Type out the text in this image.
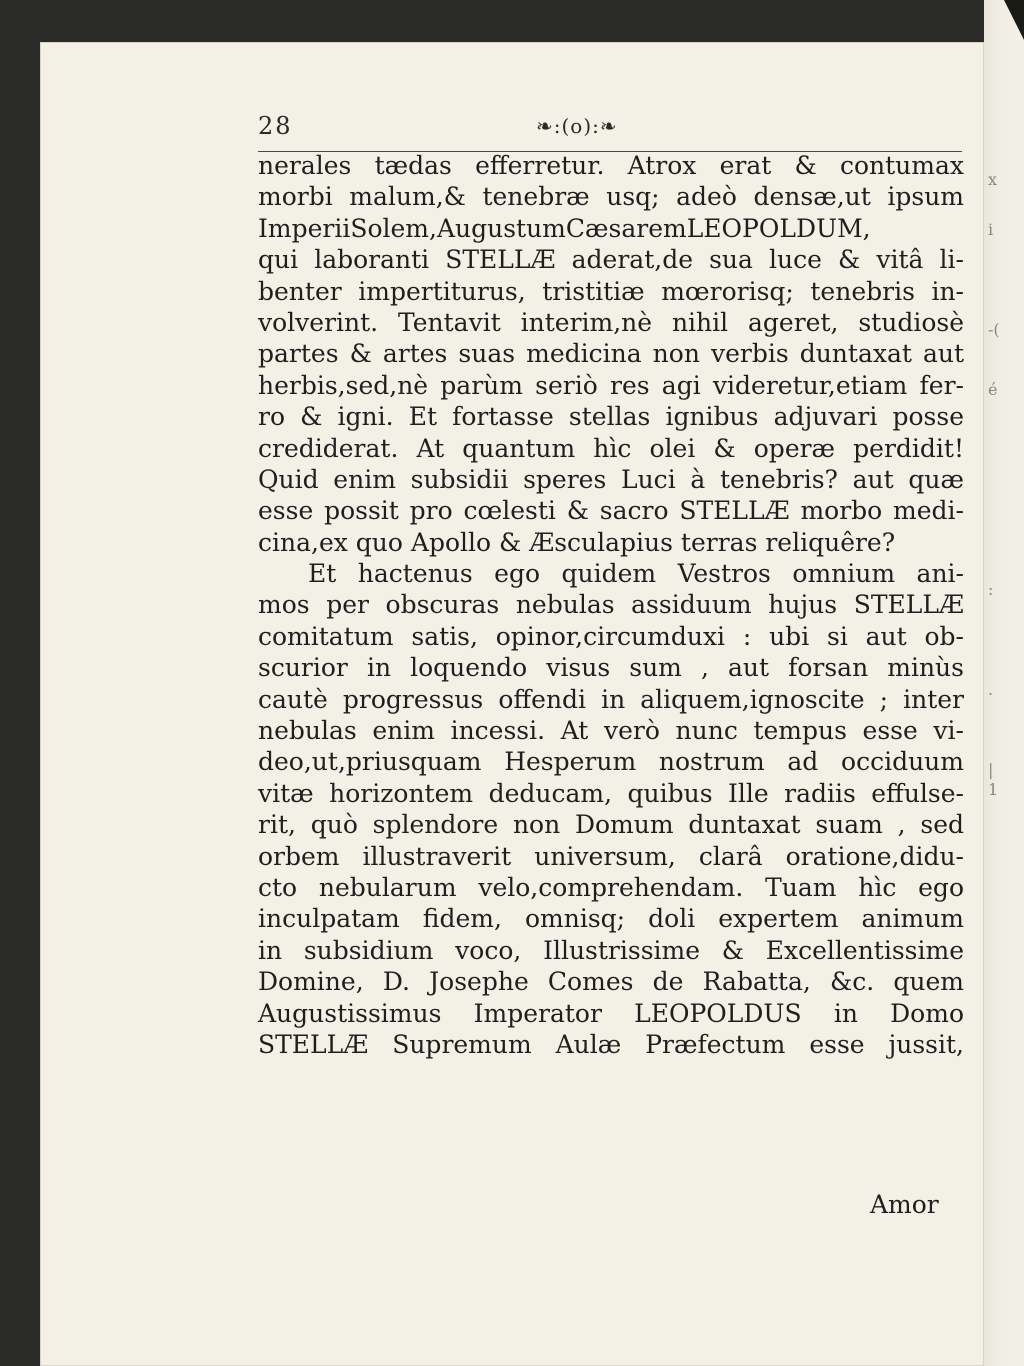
28	❧:(o):❧
nerales tædas efferretur. Atrox erat & contumax
morbi malum,& tenebræ usq; adeò densæ,ut ipsum
ImperiiSolem,AugustumCæsaremLEOPOLDUM,
qui laboranti STELLÆ aderat,de sua luce & vitâ li-
benter impertiturus, tristitiæ mœrorisq; tenebris in-
volverint. Tentavit interim,nè nihil ageret, studiosè
partes & artes suas medicina non verbis duntaxat aut
herbis,sed,nè parùm seriò res agi videretur,etiam fer-
ro & igni. Et fortasse stellas ignibus adjuvari posse
crediderat. At quantum hìc olei & operæ perdidit!
Quid enim subsidii speres Luci à tenebris? aut quæ
esse possit pro cœlesti & sacro STELLÆ morbo medi-
cina,ex quo Apollo & Æsculapius terras reliquêre?
Et hactenus ego quidem Vestros omnium ani-
mos per obscuras nebulas assiduum hujus STELLÆ
comitatum satis, opinor,circumduxi : ubi si aut ob-
scurior in loquendo visus sum , aut forsan minùs
cautè progressus offendi in aliquem,ignoscite ; inter
nebulas enim incessi. At verò nunc tempus esse vi-
deo,ut,priusquam Hesperum nostrum ad occiduum
vitæ horizontem deducam, quibus Ille radiis effulse-
rit, quò splendore non Domum duntaxat suam , sed
orbem illustraverit universum, clarâ oratione,didu-
cto nebularum velo,comprehendam. Tuam hìc ego
inculpatam fidem, omnisq; doli expertem animum
in subsidium voco, Illustrissime & Excellentissime
Domine, D. Josephe Comes de Rabatta, &c. quem
Augustissimus Imperator LEOPOLDUS in Domo
STELLÆ Supremum Aulæ Præfectum esse jussit,
Amor
x
i
-(
é
:
.
|
1
